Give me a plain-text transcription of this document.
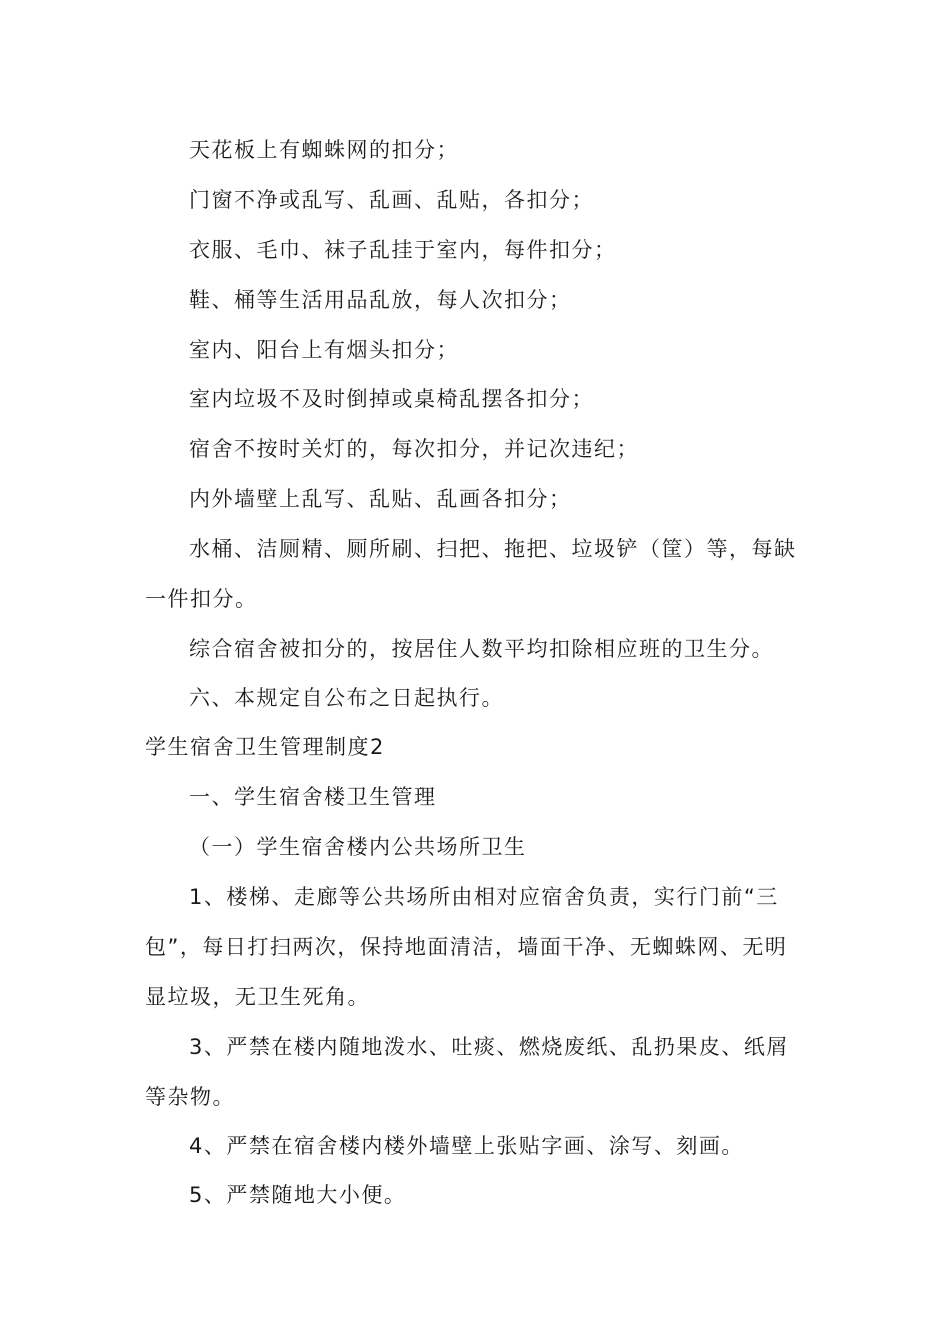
天花板上有蜘蛛网的扣分；

门窗不净或乱写、乱画、乱贴，各扣分；

衣服、毛巾、袜子乱挂于室内，每件扣分；

鞋、桶等生活用品乱放，每人次扣分；

室内、阳台上有烟头扣分；

室内垃圾不及时倒掉或桌椅乱摆各扣分；

宿舍不按时关灯的，每次扣分，并记次违纪；

内外墙壁上乱写、乱贴、乱画各扣分；

水桶、洁厕精、厕所刷、扫把、拖把、垃圾铲（筐）等，每缺一件扣分。

综合宿舍被扣分的，按居住人数平均扣除相应班的卫生分。

六、本规定自公布之日起执行。

学生宿舍卫生管理制度2

一、学生宿舍楼卫生管理

（一）学生宿舍楼内公共场所卫生

1、楼梯、走廊等公共场所由相对应宿舍负责，实行门前“三包”，每日打扫两次，保持地面清洁，墙面干净、无蜘蛛网、无明显垃圾，无卫生死角。

3、严禁在楼内随地泼水、吐痰、燃烧废纸、乱扔果皮、纸屑等杂物。

4、严禁在宿舍楼内楼外墙壁上张贴字画、涂写、刻画。

5、严禁随地大小便。
